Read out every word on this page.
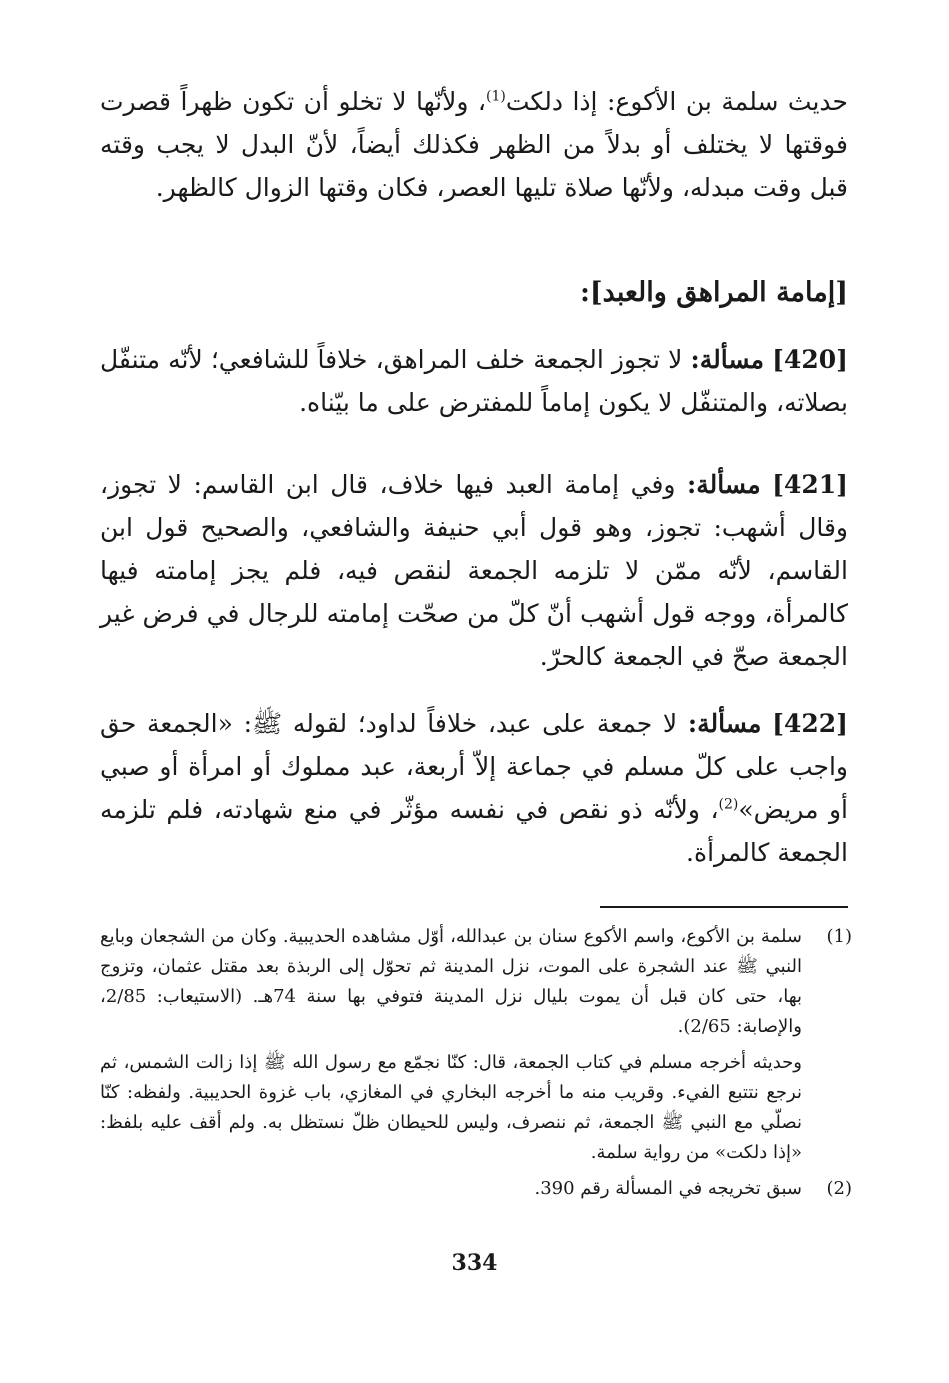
حديث سلمة بن الأكوع: إذا دلكت$^{(1)}$، ولأنّها لا تخلو أن تكون ظهراً قصرت فوقتها لا يختلف أو بدلاً من الظهر فكذلك أيضاً، لأنّ البدل لا يجب وقته قبل وقت مبدله، ولأنّها صلاة تليها العصر، فكان وقتها الزوال كالظهر.

[إمامة المراهق والعبد]:

[420] مسألة: لا تجوز الجمعة خلف المراهق، خلافاً للشافعي؛ لأنّه متنفّل بصلاته، والمتنفّل لا يكون إماماً للمفترض على ما بيّناه.

[421] مسألة: وفي إمامة العبد فيها خلاف، قال ابن القاسم: لا تجوز، وقال أشهب: تجوز، وهو قول أبي حنيفة والشافعي، والصحيح قول ابن القاسم، لأنّه ممّن لا تلزمه الجمعة لنقص فيه، فلم يجز إمامته فيها كالمرأة، ووجه قول أشهب أنّ كلّ من صحّت إمامته للرجال في فرض غير الجمعة صحّ في الجمعة كالحرّ.

[422] مسألة: لا جمعة على عبد، خلافاً لداود؛ لقوله ﷺ: «الجمعة حق واجب على كلّ مسلم في جماعة إلاّ أربعة، عبد مملوك أو امرأة أو صبي أو مريض»$^{(2)}$، ولأنّه ذو نقص في نفسه مؤثّر في منع شهادته، فلم تلزمه الجمعة كالمرأة.

(1)
سلمة بن الأكوع، واسم الأكوع سنان بن عبدالله، أوّل مشاهده الحديبية. وكان من الشجعان وبايع النبي ﷺ عند الشجرة على الموت، نزل المدينة ثم تحوّل إلى الربذة بعد مقتل عثمان، وتزوج بها، حتى كان قبل أن يموت بليال نزل المدينة فتوفي بها سنة 74هـ. (الاستيعاب: 2/85، والإصابة: 2/65).
وحديثه أخرجه مسلم في كتاب الجمعة، قال: كنّا نجمّع مع رسول الله ﷺ إذا زالت الشمس، ثم نرجع نتتبع الفيء. وقريب منه ما أخرجه البخاري في المغازي، باب غزوة الحديبية. ولفظه: كنّا نصلّي مع النبي ﷺ الجمعة، ثم ننصرف، وليس للحيطان ظلّ نستظل به. ولم أقف عليه بلفظ: «إذا دلكت» من رواية سلمة.
(2)
سبق تخريجه في المسألة رقم 390.
334
